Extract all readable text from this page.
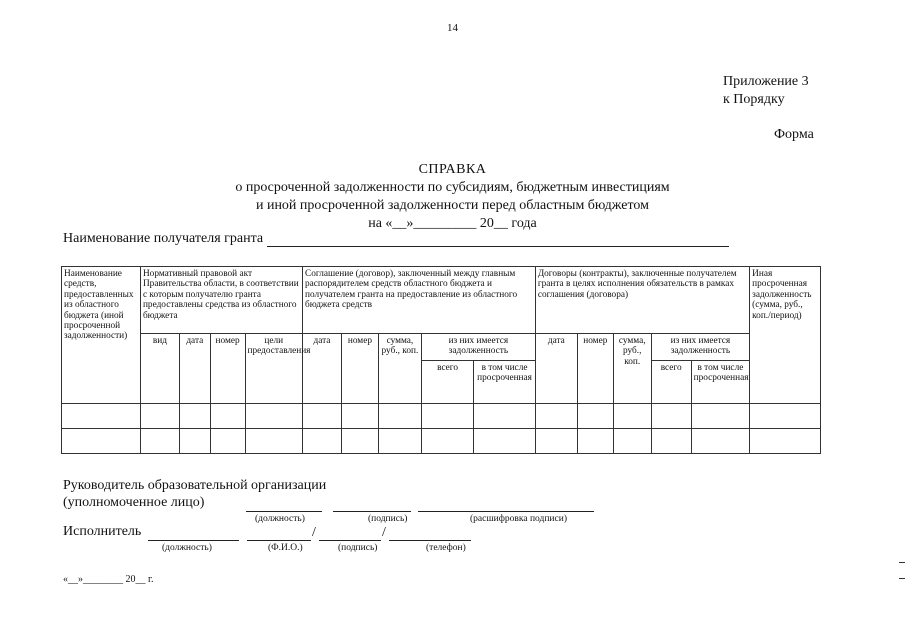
14
Приложение 3
к Порядку
Форма
СПРАВКА
о просроченной задолженности по субсидиям, бюджетным инвестициям
и иной просроченной задолженности перед областным бюджетом
на «__»_________ 20__ года
Наименование получателя гранта
Наименование средств, предоставленных из областного бюджета (иной просроченной задолженности)	Нормативный правовой акт Правительства области, в соответствии с которым получателю гранта предоставлены средства из областного бюджета				Соглашение (договор), заключенный между главным распорядителем средств областного бюджета и получателем гранта на предоставление из областного бюджета средств					Договоры (контракты), заключенные получателем гранта в целях исполнения обязательств в рамках соглашения (договора)					Иная просроченная задолженность (сумма, руб., коп./период)
	вид	дата	номер	цели предоставления	дата	номер	сумма, руб., коп.	из них имеется задолженность		дата	номер	сумма, руб., коп.	из них имеется задолженность		
								всего	в том числе просроченная				всего	в том числе просроченная	

Руководитель образовательной организации
(уполномоченное лицо)
(должность)	(подпись)	(расшифровка подписи)
Исполнитель	/	/
(должность)	(Ф.И.О.)	(подпись)	(телефон)
«__»________ 20__ г.
